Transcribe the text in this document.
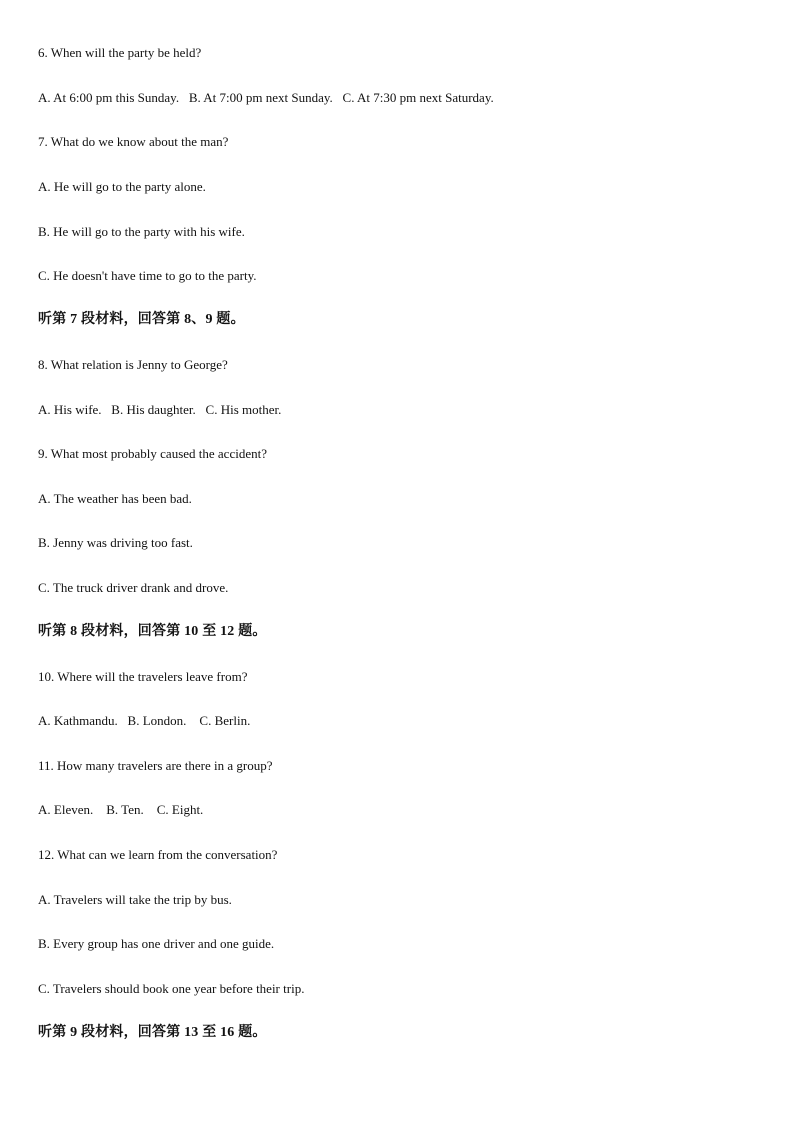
6. When will the party be held?
A. At 6:00 pm this Sunday.   B. At 7:00 pm next Sunday.   C. At 7:30 pm next Saturday.
7. What do we know about the man?
A. He will go to the party alone.
B. He will go to the party with his wife.
C. He doesn't have time to go to the party.
听第 7 段材料，回答第 8、9 题。
8. What relation is Jenny to George?
A. His wife.   B. His daughter.   C. His mother.
9. What most probably caused the accident?
A. The weather has been bad.
B. Jenny was driving too fast.
C. The truck driver drank and drove.
听第 8 段材料，回答第 10 至 12 题。
10. Where will the travelers leave from?
A. Kathmandu.   B. London.    C. Berlin.
11. How many travelers are there in a group?
A. Eleven.    B. Ten.    C. Eight.
12. What can we learn from the conversation?
A. Travelers will take the trip by bus.
B. Every group has one driver and one guide.
C. Travelers should book one year before their trip.
听第 9 段材料，回答第 13 至 16 题。
